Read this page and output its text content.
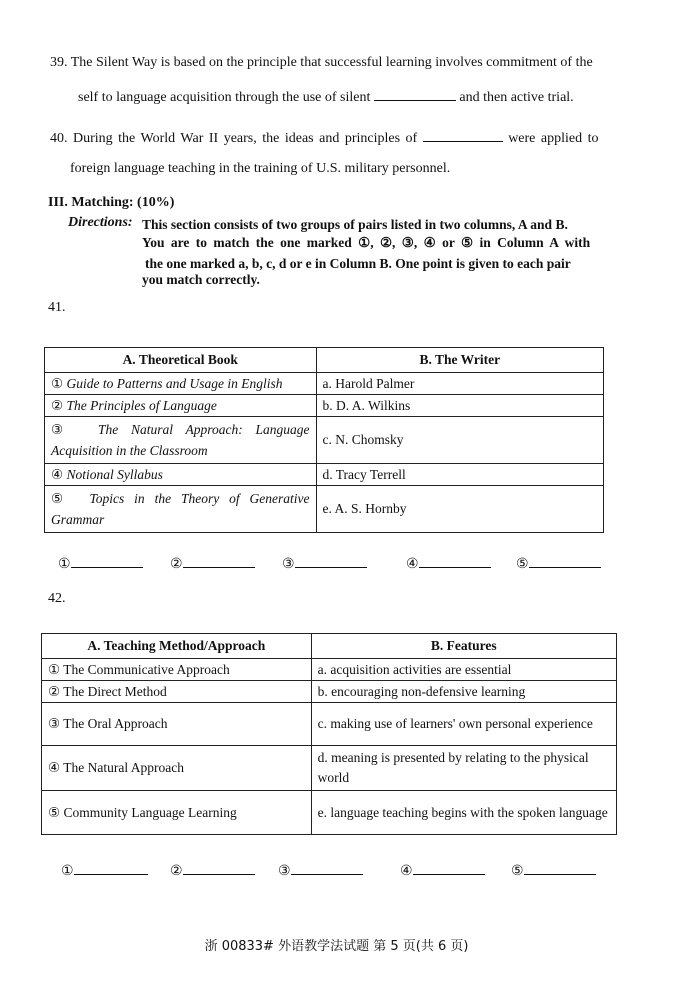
39. The Silent Way is based on the principle that successful learning involves commitment of the
self to language acquisition through the use of silent	and then active trial.
40. During the World War II years, the ideas and principles of	were applied to
foreign language teaching in the training of U.S. military personnel.
III. Matching: (10%)
Directions: This section consists of two groups of pairs listed in two columns, A and B.
You are to match the one marked ①, ②, ③, ④ or ⑤ in Column A with
the one marked a, b, c, d or e in Column B. One point is given to each pair
you match correctly.
41.
A. Theoretical Book	B. The Writer
① Guide to Patterns and Usage in English	a. Harold Palmer
② The Principles of Language	b. D. A. Wilkins
③ The Natural Approach: Language Acquisition in the Classroom	c. N. Chomsky
④ Notional Syllabus	d. Tracy Terrell
⑤ Topics in the Theory of Generative Grammar	e. A. S. Hornby
①	②	③	④	⑤
42.
A. Teaching Method/Approach	B. Features
① The Communicative Approach	a. acquisition activities are essential
② The Direct Method	b. encouraging non-defensive learning
③ The Oral Approach	c. making use of learners' own personal experience
④ The Natural Approach	d. meaning is presented by relating to the physical world
⑤ Community Language Learning	e. language teaching begins with the spoken language
①	②	③	④	⑤
浙 00833# 外语教学法试题 第 5 页(共 6 页)
